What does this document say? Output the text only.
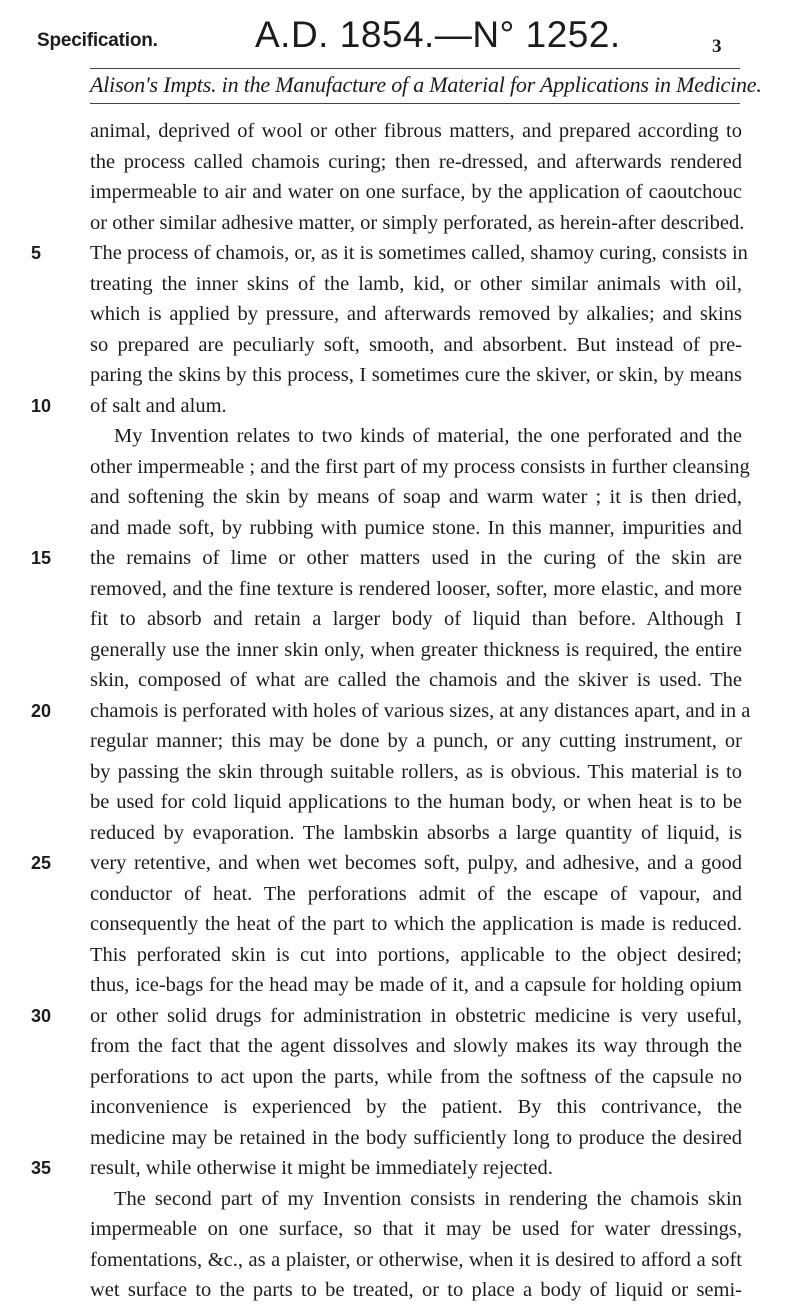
Specification.	A.D. 1854.—N° 1252.	3
Alison's Impts. in the Manufacture of a Material for Applications in Medicine.
animal, deprived of wool or other fibrous matters, and prepared according to
the process called chamois curing; then re-dressed, and afterwards rendered
impermeable to air and water on one surface, by the application of caoutchouc
or other similar adhesive matter, or simply perforated, as herein-after described.
5	The process of chamois, or, as it is sometimes called, shamoy curing, consists in
treating the inner skins of the lamb, kid, or other similar animals with oil,
which is applied by pressure, and afterwards removed by alkalies; and skins
so prepared are peculiarly soft, smooth, and absorbent. But instead of pre-
paring the skins by this process, I sometimes cure the skiver, or skin, by means
10 of salt and alum.
My Invention relates to two kinds of material, the one perforated and the
other impermeable ; and the first part of my process consists in further cleansing
and softening the skin by means of soap and warm water ; it is then dried,
and made soft, by rubbing with pumice stone. In this manner, impurities and
15 the remains of lime or other matters used in the curing of the skin are
removed, and the fine texture is rendered looser, softer, more elastic, and more
fit to absorb and retain a larger body of liquid than before. Although I
generally use the inner skin only, when greater thickness is required, the entire
skin, composed of what are called the chamois and the skiver is used. The
20 chamois is perforated with holes of various sizes, at any distances apart, and in a
regular manner; this may be done by a punch, or any cutting instrument, or
by passing the skin through suitable rollers, as is obvious. This material is to
be used for cold liquid applications to the human body, or when heat is to be
reduced by evaporation. The lambskin absorbs a large quantity of liquid, is
25 very retentive, and when wet becomes soft, pulpy, and adhesive, and a good
conductor of heat. The perforations admit of the escape of vapour, and
consequently the heat of the part to which the application is made is reduced.
This perforated skin is cut into portions, applicable to the object desired;
thus, ice-bags for the head may be made of it, and a capsule for holding opium
30 or other solid drugs for administration in obstetric medicine is very useful,
from the fact that the agent dissolves and slowly makes its way through the
perforations to act upon the parts, while from the softness of the capsule no
inconvenience is experienced by the patient. By this contrivance, the
medicine may be retained in the body sufficiently long to produce the desired
35 result, while otherwise it might be immediately rejected.
The second part of my Invention consists in rendering the chamois skin
impermeable on one surface, so that it may be used for water dressings,
fomentations, &c., as a plaister, or otherwise, when it is desired to afford a soft
wet surface to the parts to be treated, or to place a body of liquid or semi-
